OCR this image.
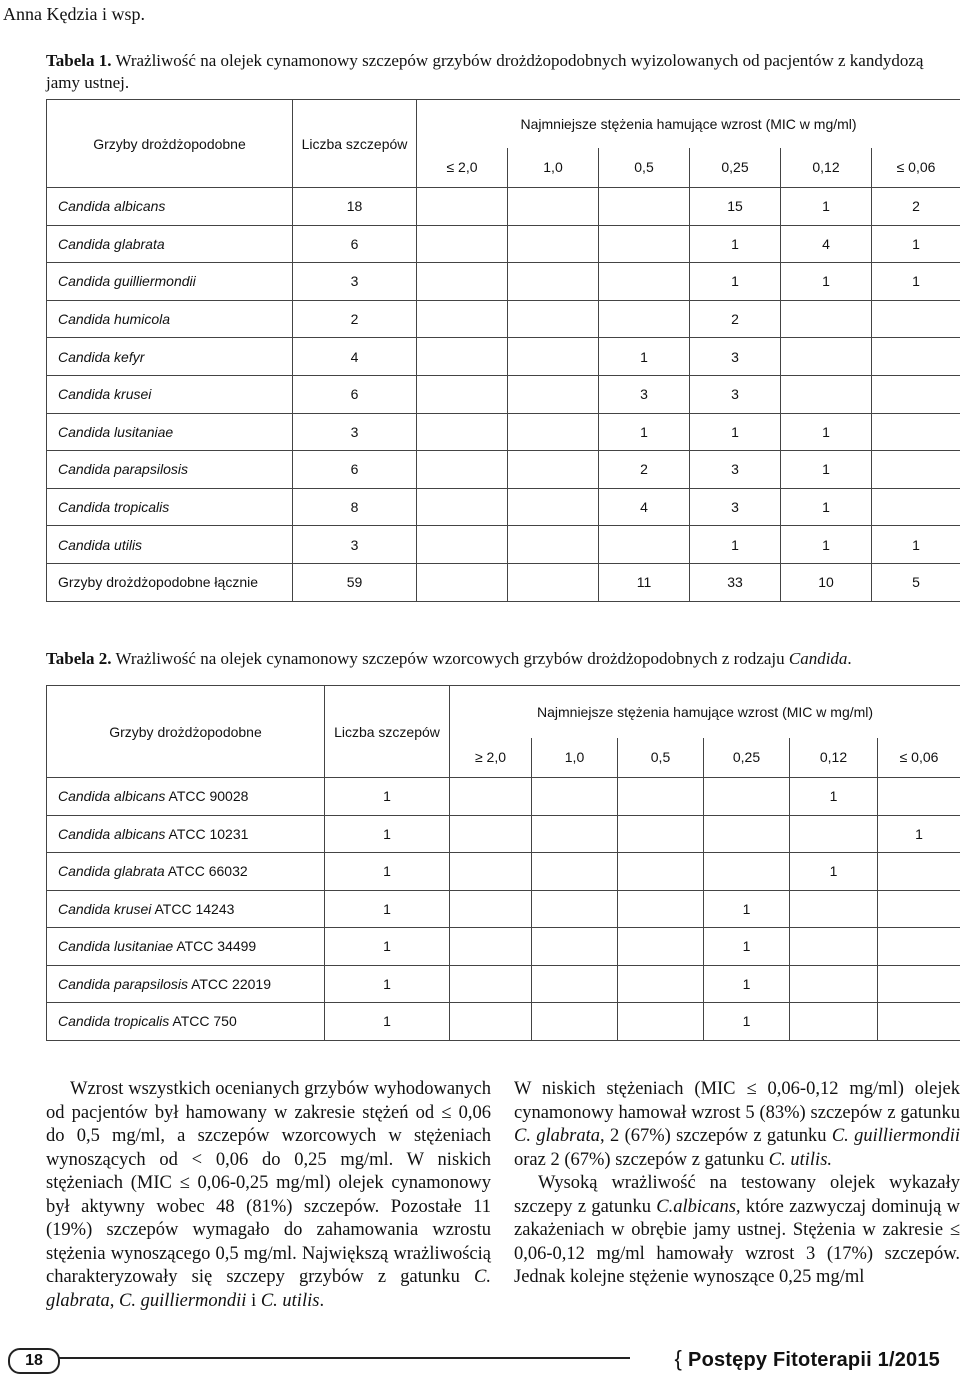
Anna Kędzia i wsp.
Tabela 1. Wrażliwość na olejek cynamonowy szczepów grzybów drożdżopodobnych wyizolowanych od pacjentów z kandydozą jamy ustnej.
Grzyby drożdżopodobne	Liczba szczepów	Najmniejsze stężenia hamujące wzrost (MIC w mg/ml)					
		≤ 2,0	1,0	0,5	0,25	0,12	≤ 0,06
Candida albicans	18				15	1	2
Candida glabrata	6				1	4	1
Candida guilliermondii	3				1	1	1
Candida humicola	2				2		
Candida kefyr	4			1	3		
Candida krusei	6			3	3		
Candida lusitaniae	3			1	1	1	
Candida parapsilosis	6			2	3	1	
Candida tropicalis	8			4	3	1	
Candida utilis	3				1	1	1
Grzyby drożdżopodobne łącznie	59			11	33	10	5
Tabela 2. Wrażliwość na olejek cynamonowy szczepów wzorcowych grzybów drożdżopodobnych z rodzaju Candida.
Grzyby drożdżopodobne	Liczba szczepów	Najmniejsze stężenia hamujące wzrost (MIC w mg/ml)					
		≥ 2,0	1,0	0,5	0,25	0,12	≤ 0,06
Candida albicans ATCC 90028	1					1	
Candida albicans ATCC 10231	1						1
Candida glabrata ATCC 66032	1					1	
Candida krusei ATCC 14243	1				1		
Candida lusitaniae ATCC 34499	1				1		
Candida parapsilosis ATCC 22019	1				1		
Candida tropicalis ATCC 750	1				1		

Wzrost wszystkich ocenianych grzybów wyhodowanych od pacjentów był hamowany w zakresie stężeń od ≤ 0,06 do 0,5 mg/ml, a szczepów wzorcowych w stężeniach wynoszących od < 0,06 do 0,25 mg/ml. W niskich stężeniach (MIC ≤ 0,06-0,25 mg/ml) olejek cynamonowy był aktywny wobec 48 (81%) szczepów. Pozostałe 11 (19%) szczepów wymagało do zahamowania wzrostu stężenia wynoszącego 0,5 mg/ml. Największą wrażliwością charakteryzowały się szczepy grzybów z gatunku C. glabrata, C. guilliermondii i C. utilis.

W niskich stężeniach (MIC ≤ 0,06-0,12 mg/ml) olejek cynamonowy hamował wzrost 5 (83%) szczepów z gatunku C. glabrata, 2 (67%) szczepów z gatunku C. guilliermondii oraz 2 (67%) szczepów z gatunku C. utilis.

Wysoką wrażliwość na testowany olejek wykazały szczepy z gatunku C.albicans, które zazwyczaj dominują w zakażeniach w obrębie jamy ustnej. Stężenia w zakresie ≤ 0,06-0,12 mg/ml hamowały wzrost 3 (17%) szczepów. Jednak kolejne stężenie wynoszące 0,25 mg/ml

18	{ Postępy Fitoterapii 1/2015
